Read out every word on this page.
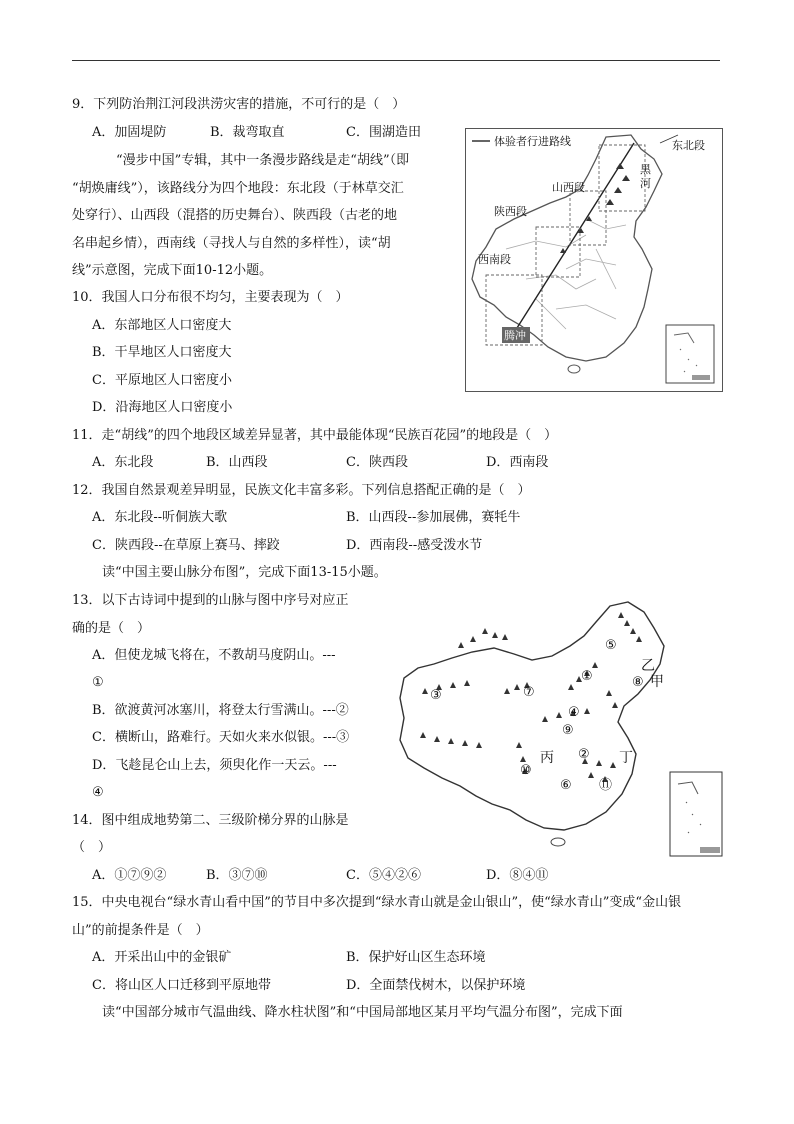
9．下列防治荆江河段洪涝灾害的措施，不可行的是（　）
A．加固堤防	B．裁弯取直	C．围湖造田
“漫步中国”专辑，其中一条漫步路线是走“胡线”（即
“胡焕庸线”），该路线分为四个地段：东北段（于林草交汇
处穿行）、山西段（混搭的历史舞台）、陕西段（古老的地
名串起乡情），西南线（寻找人与自然的多样性），读“胡
线”示意图，完成下面10-12小题。
体验者行进路线	东北段
黑
河
山西段
陕西段
西南段
腾冲
10．我国人口分布很不均匀，主要表现为（　）
A．东部地区人口密度大
B．干旱地区人口密度大
C．平原地区人口密度小
D．沿海地区人口密度小
11．走“胡线”的四个地段区域差异显著，其中最能体现“民族百花园”的地段是（　）
A．东北段	B．山西段	C．陕西段	D．西南段
12．我国自然景观差异明显，民族文化丰富多彩。下列信息搭配正确的是（　）
A．东北段--听侗族大歌	B．山西段--参加展佛，赛牦牛
C．陕西段--在草原上赛马、摔跤	D．西南段--感受泼水节
读“中国主要山脉分布图”，完成下面13-15小题。
13．以下古诗词中提到的山脉与图中序号对应正
确的是（　）
A．但使龙城飞将在，不教胡马度阴山。---
①
B．欲渡黄河冰塞川，将登太行雪满山。---②
C．横断山，路难行。天如火来水似银。---③
D．飞趁昆仑山上去，须臾化作一天云。---
④
14．图中组成地势第二、三级阶梯分界的山脉是
（　）
A．①⑦⑨②	B．③⑦⑩	C．⑤④②⑥	D．⑧④⑪
①
②
③
④
⑤
⑥
⑦
⑧
⑨
⑩
⑪
乙
甲
丙	丁
15．中央电视台“绿水青山看中国”的节目中多次提到“绿水青山就是金山银山”，使“绿水青山”变成“金山银
山”的前提条件是（　）
A．开采出山中的金银矿	B．保护好山区生态环境
C．将山区人口迁移到平原地带	D．全面禁伐树木，以保护环境
读“中国部分城市气温曲线、降水柱状图”和“中国局部地区某月平均气温分布图”，完成下面
